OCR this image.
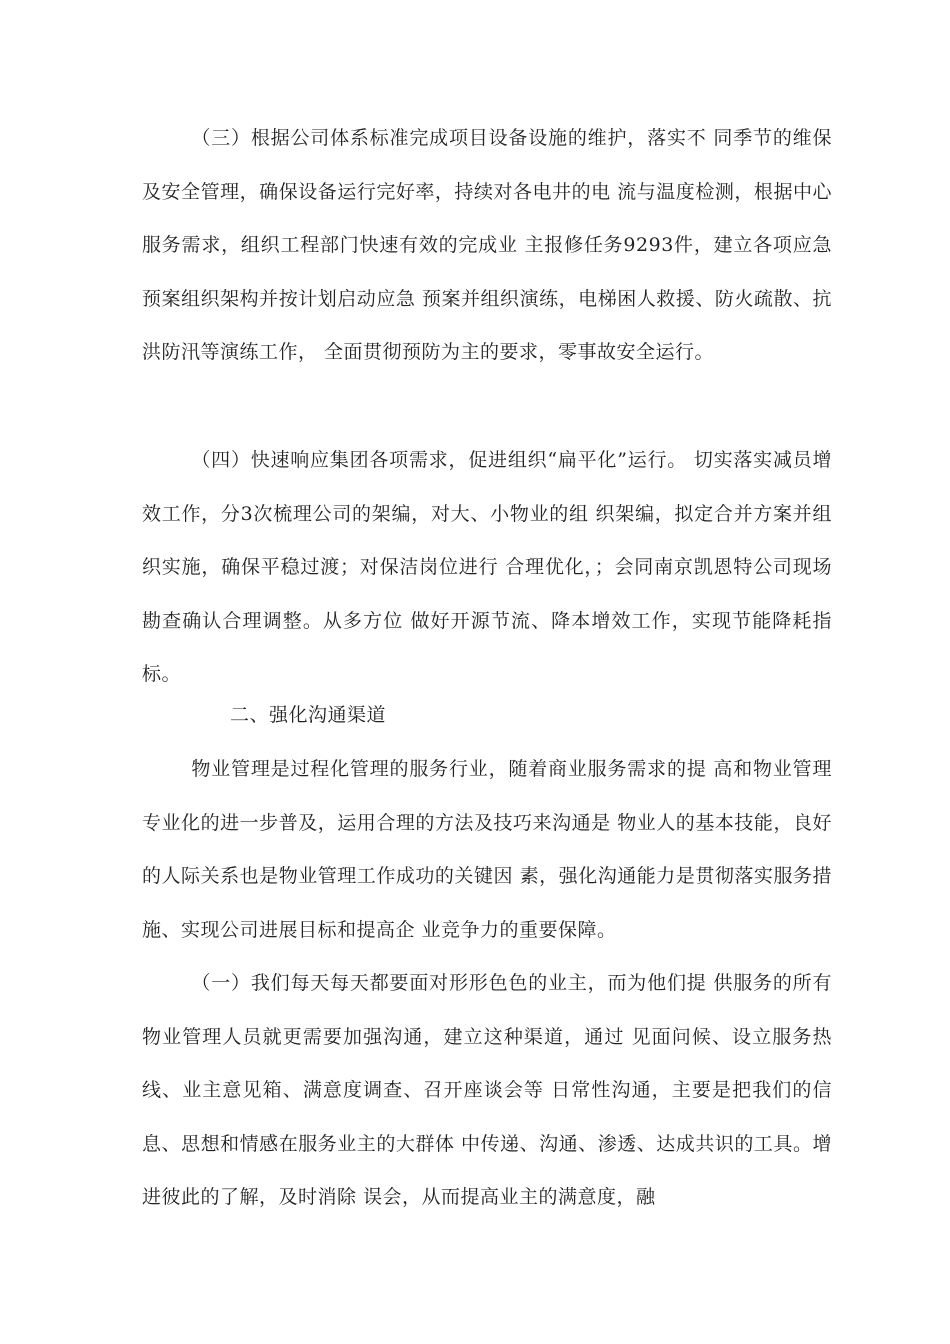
（三）根据公司体系标准完成项目设备设施的维护，落实不 同季节的维保及安全管理，确保设备运行完好率，持续对各电井的电 流与温度检测，根据中心服务需求，组织工程部门快速有效的完成业 主报修任务9293件，建立各项应急预案组织架构并按计划启动应急 预案并组织演练，电梯困人救援、防火疏散、抗洪防汛等演练工作， 全面贯彻预防为主的要求，零事故安全运行。

（四）快速响应集团各项需求，促进组织“扁平化”运行。 切实落实减员增效工作，分3次梳理公司的架编，对大、小物业的组 织架编，拟定合并方案并组织实施，确保平稳过渡；对保洁岗位进行 合理优化，；会同南京凯恩特公司现场勘查确认合理调整。从多方位 做好开源节流、降本增效工作，实现节能降耗指标。

二、强化沟通渠道

物业管理是过程化管理的服务行业，随着商业服务需求的提 高和物业管理专业化的进一步普及，运用合理的方法及技巧来沟通是 物业人的基本技能，良好的人际关系也是物业管理工作成功的关键因 素，强化沟通能力是贯彻落实服务措施、实现公司进展目标和提高企 业竞争力的重要保障。

（一）我们每天每天都要面对形形色色的业主，而为他们提 供服务的所有物业管理人员就更需要加强沟通，建立这种渠道，通过 见面问候、设立服务热线、业主意见箱、满意度调查、召开座谈会等 日常性沟通，主要是把我们的信息、思想和情感在服务业主的大群体 中传递、沟通、渗透、达成共识的工具。增进彼此的了解，及时消除 误会，从而提高业主的满意度，融
